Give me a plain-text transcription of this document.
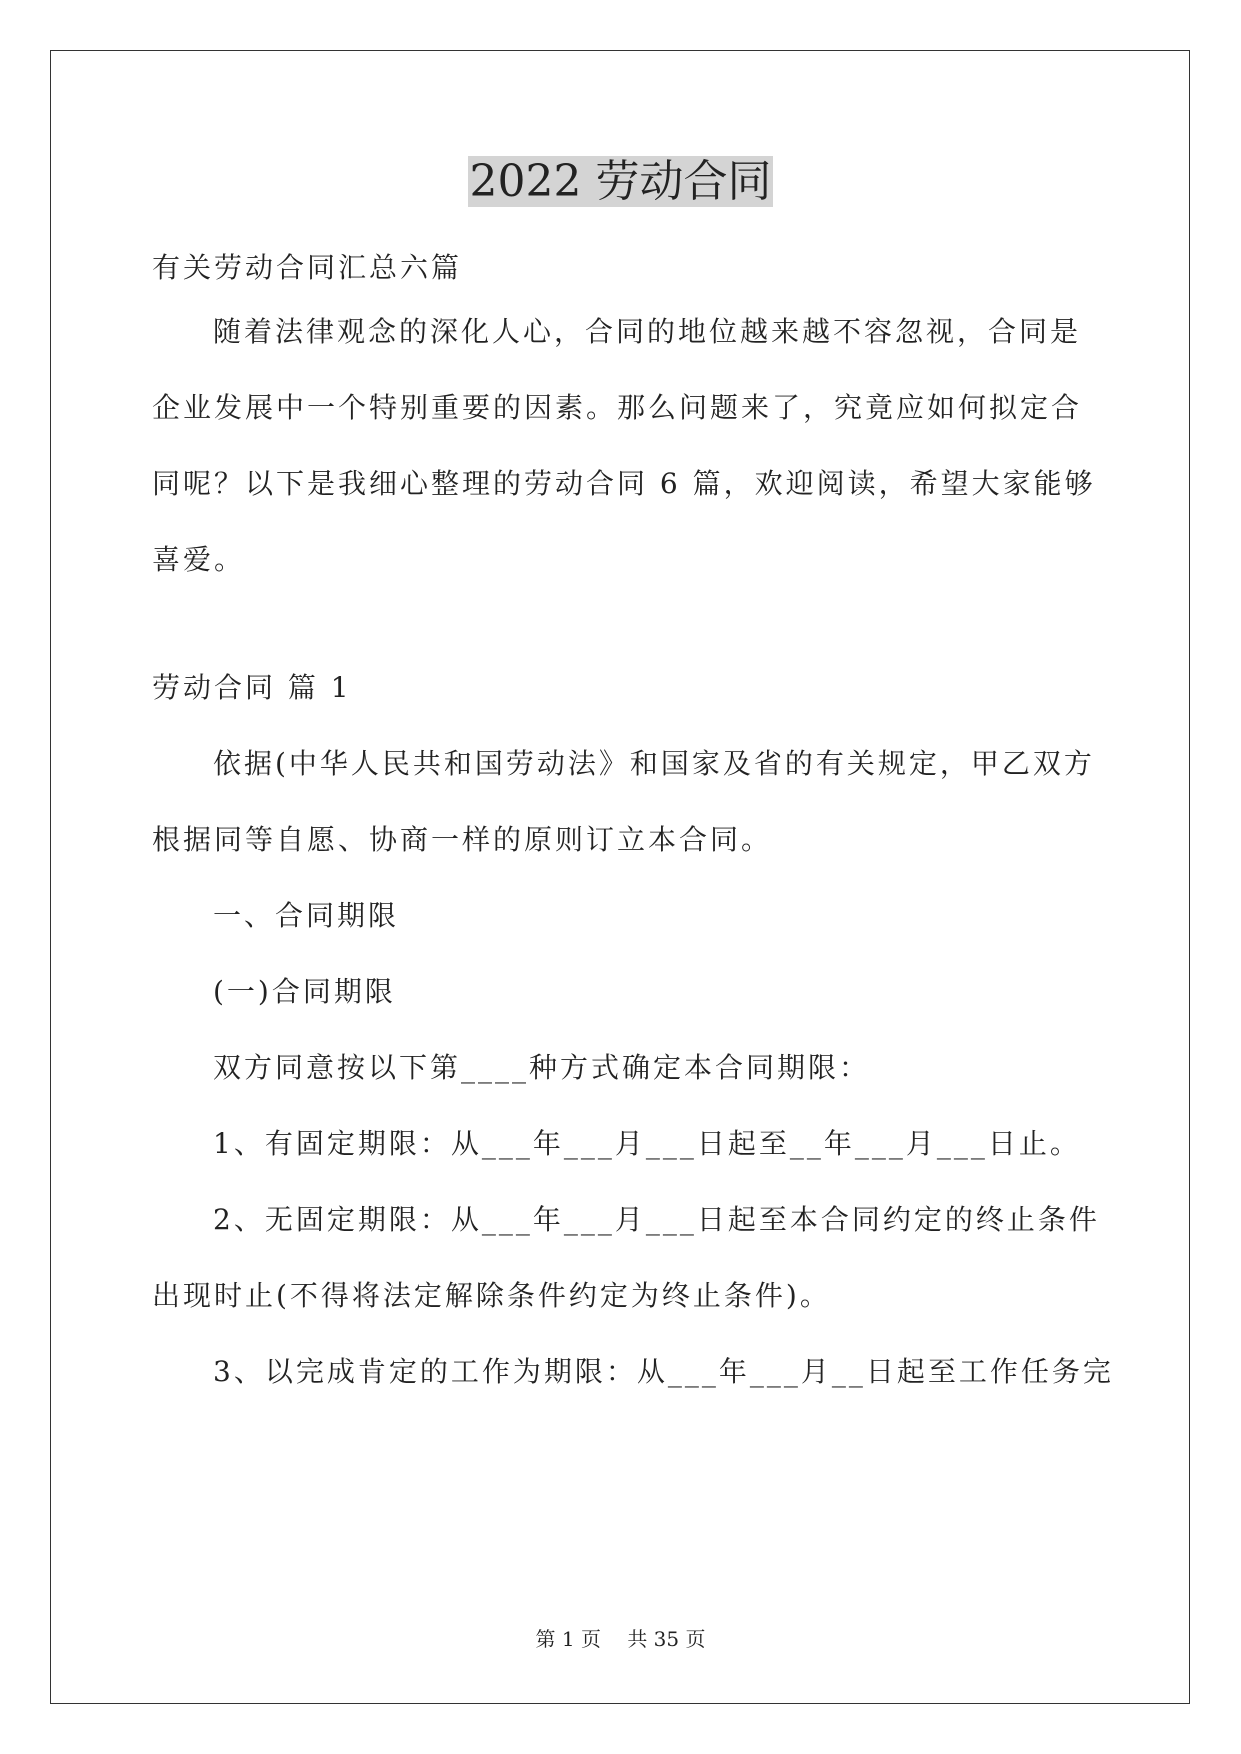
2022 劳动合同

有关劳动合同汇总六篇

随着法律观念的深化人心，合同的地位越来越不容忽视，合同是

企业发展中一个特别重要的因素。那么问题来了，究竟应如何拟定合

同呢？以下是我细心整理的劳动合同 6 篇，欢迎阅读，希望大家能够

喜爱。

劳动合同 篇 1

依据(中华人民共和国劳动法》和国家及省的有关规定，甲乙双方

根据同等自愿、协商一样的原则订立本合同。

一、合同期限

(一)合同期限

双方同意按以下第____种方式确定本合同期限：

1、有固定期限：从___年___月___日起至__年___月___日止。

2、无固定期限：从___年___月___日起至本合同约定的终止条件

出现时止(不得将法定解除条件约定为终止条件)。

3、以完成肯定的工作为期限：从___年___月__日起至工作任务完

第 1 页 共 35 页
